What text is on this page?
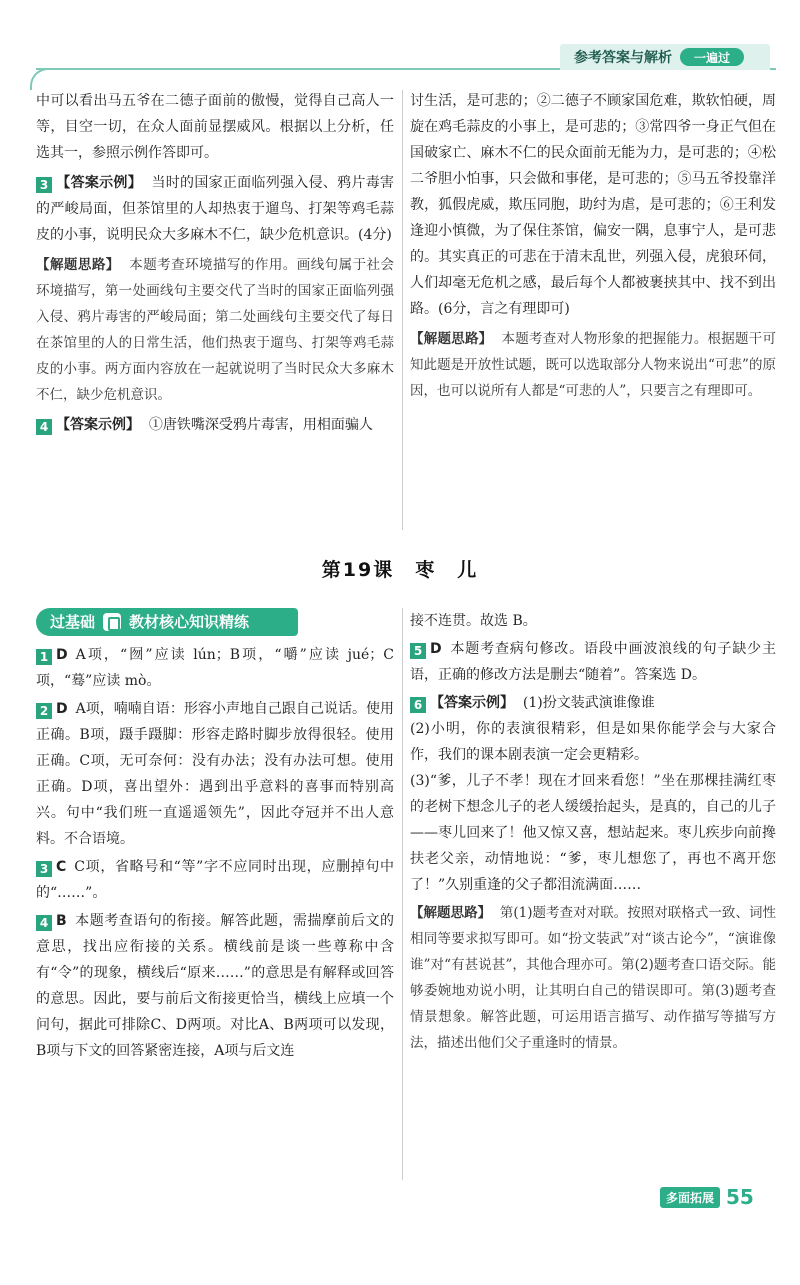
参考答案与解析	一遍过

中可以看出马五爷在二德子面前的傲慢，觉得自己高人一等，目空一切，在众人面前显摆威风。根据以上分析，任选其一，参照示例作答即可。

3 【答案示例】 当时的国家正面临列强入侵、鸦片毒害的严峻局面，但茶馆里的人却热衷于遛鸟、打架等鸡毛蒜皮的小事，说明民众大多麻木不仁，缺少危机意识。(4分)

【解题思路】 本题考查环境描写的作用。画线句属于社会环境描写，第一处画线句主要交代了当时的国家正面临列强入侵、鸦片毒害的严峻局面；第二处画线句主要交代了每日在茶馆里的人的日常生活，他们热衷于遛鸟、打架等鸡毛蒜皮的小事。两方面内容放在一起就说明了当时民众大多麻木不仁，缺少危机意识。

4 【答案示例】 ①唐铁嘴深受鸦片毒害，用相面骗人

讨生活，是可悲的；②二德子不顾家国危难，欺软怕硬，周旋在鸡毛蒜皮的小事上，是可悲的；③常四爷一身正气但在国破家亡、麻木不仁的民众面前无能为力，是可悲的；④松二爷胆小怕事，只会做和事佬，是可悲的；⑤马五爷投靠洋教，狐假虎威，欺压同胞，助纣为虐，是可悲的；⑥王利发逢迎小慎微，为了保住茶馆，偏安一隅，息事宁人，是可悲的。其实真正的可悲在于清末乱世，列强入侵，虎狼环伺，人们却毫无危机之感，最后每个人都被裹挟其中、找不到出路。(6分，言之有理即可)

【解题思路】 本题考查对人物形象的把握能力。根据题干可知此题是开放性试题，既可以选取部分人物来说出“可悲”的原因，也可以说所有人都是“可悲的人”，只要言之有理即可。

第19课　枣　儿
过基础 教材核心知识精练

1 D A项，“囫”应读 lún；B项，“嚼”应读 jué；C项，“蓦”应读 mò。

2 D A项，喃喃自语：形容小声地自己跟自己说话。使用正确。B项，蹑手蹑脚：形容走路时脚步放得很轻。使用正确。C项，无可奈何：没有办法；没有办法可想。使用正确。D项，喜出望外：遇到出乎意料的喜事而特别高兴。句中“我们班一直遥遥领先”，因此夺冠并不出人意料。不合语境。

3 C C项，省略号和“等”字不应同时出现，应删掉句中的“……”。

4 B 本题考查语句的衔接。解答此题，需揣摩前后文的意思，找出应衔接的关系。横线前是谈一些尊称中含有“令”的现象，横线后“原来……”的意思是有解释或回答的意思。因此，要与前后文衔接更恰当，横线上应填一个问句，据此可排除C、D两项。对比A、B两项可以发现，B项与下文的回答紧密连接，A项与后文连

接不连贯。故选 B。

5 D 本题考查病句修改。语段中画波浪线的句子缺少主语，正确的修改方法是删去“随着”。答案选 D。

6 【答案示例】 (1)扮文装武演谁像谁

(2)小明，你的表演很精彩，但是如果你能学会与大家合作，我们的课本剧表演一定会更精彩。

(3)“爹，儿子不孝！现在才回来看您！”坐在那棵挂满红枣的老树下想念儿子的老人缓缓抬起头，是真的，自己的儿子——枣儿回来了！他又惊又喜，想站起来。枣儿疾步向前搀扶老父亲，动情地说：“爹，枣儿想您了，再也不离开您了！”久别重逢的父子都泪流满面……

【解题思路】 第(1)题考查对对联。按照对联格式一致、词性相同等要求拟写即可。如“扮文装武”对“谈古论今”，“演谁像谁”对“有甚说甚”，其他合理亦可。第(2)题考查口语交际。能够委婉地劝说小明，让其明白自己的错误即可。第(3)题考查情景想象。解答此题，可运用语言描写、动作描写等描写方法，描述出他们父子重逢时的情景。

多面拓展 55
